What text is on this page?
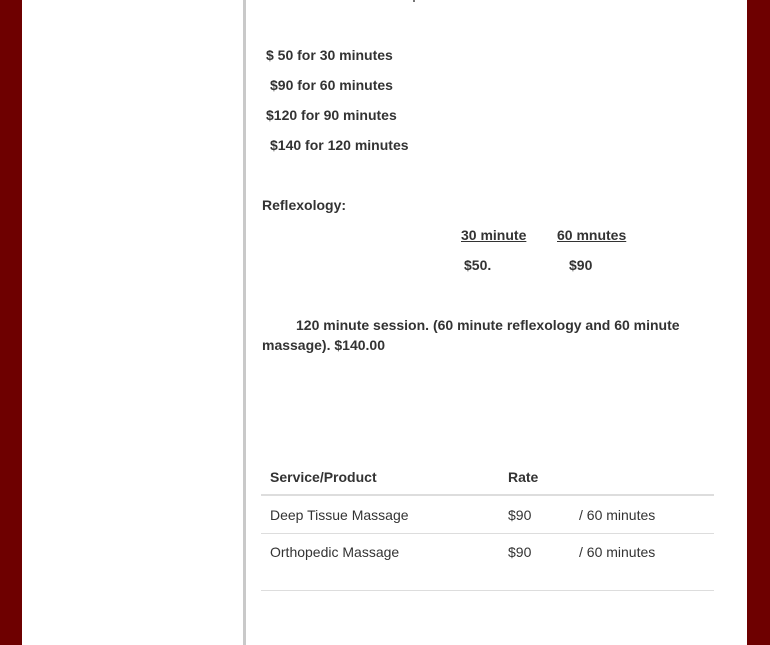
$ 50 for 30 minutes
$90 for 60 minutes
$120 for 90 minutes
$140 for 120 minutes
Reflexology:
30 minute	60 mnutes
$50.	$90
120 minute session. (60 minute reflexology and 60 minute massage). $140.00
Service/Product	Rate
Deep Tissue Massage	$90	/ 60 minutes
Orthopedic Massage	$90	/ 60 minutes
